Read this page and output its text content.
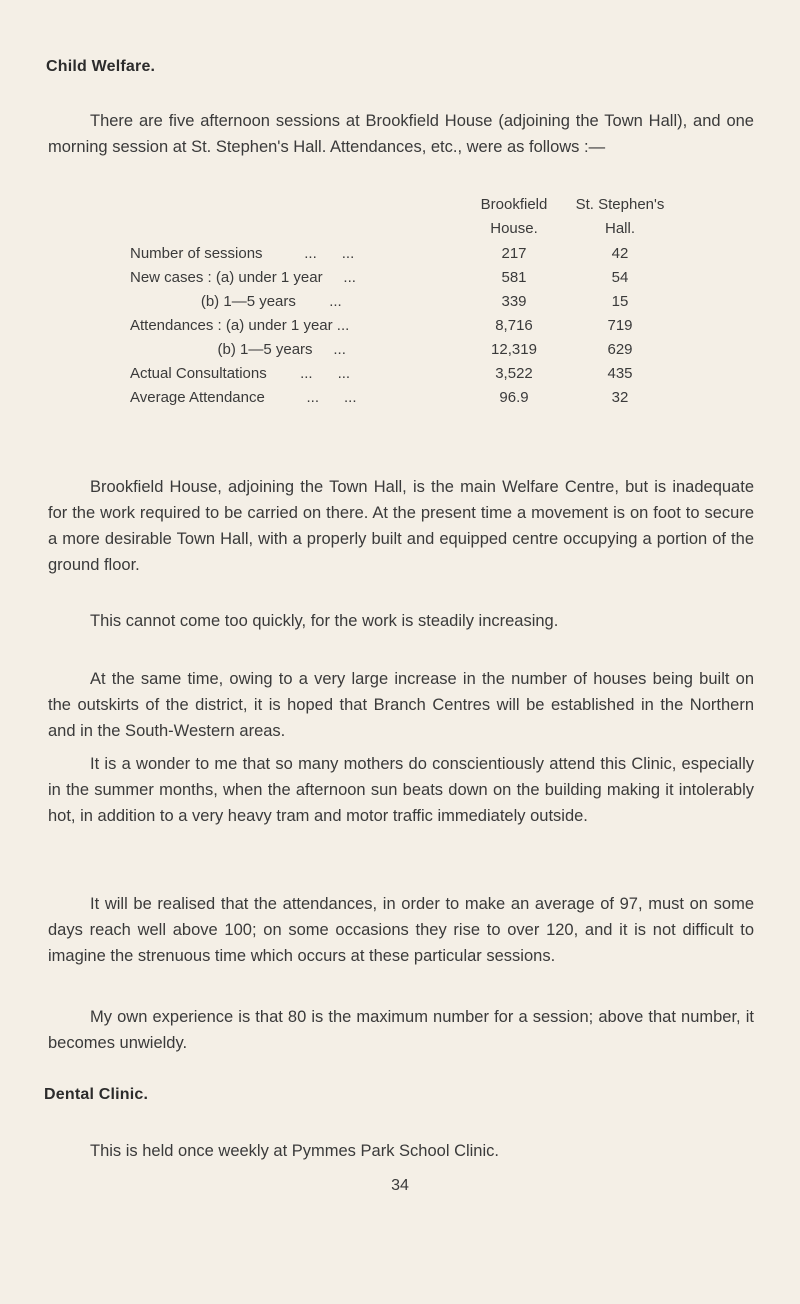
Child Welfare.

There are five afternoon sessions at Brookfield House (adjoining the Town Hall), and one morning session at St. Stephen's Hall. Attendances, etc., were as follows :—

	Brookfield	St. Stephen's
	House.	Hall.
Number of sessions          ...      ...	217	42
New cases : (a) under 1 year     ...	581	54
(b) 1—5 years        ...	339	15
Attendances : (a) under 1 year ...	8,716	719
(b) 1—5 years     ...	12,319	629
Actual Consultations        ...      ...	3,522	435
Average Attendance          ...      ...	96.9	32

Brookfield House, adjoining the Town Hall, is the main Welfare Centre, but is inadequate for the work required to be carried on there. At the present time a movement is on foot to secure a more desirable Town Hall, with a properly built and equipped centre occupying a portion of the ground floor.

This cannot come too quickly, for the work is steadily increasing.

At the same time, owing to a very large increase in the number of houses being built on the outskirts of the district, it is hoped that Branch Centres will be established in the Northern and in the South-Western areas.

It is a wonder to me that so many mothers do conscientiously attend this Clinic, especially in the summer months, when the afternoon sun beats down on the building making it intolerably hot, in addition to a very heavy tram and motor traffic immediately outside.

It will be realised that the attendances, in order to make an average of 97, must on some days reach well above 100; on some occasions they rise to over 120, and it is not difficult to imagine the strenuous time which occurs at these particular sessions.

My own experience is that 80 is the maximum number for a session; above that number, it becomes unwieldy.

Dental Clinic.

This is held once weekly at Pymmes Park School Clinic.

34
